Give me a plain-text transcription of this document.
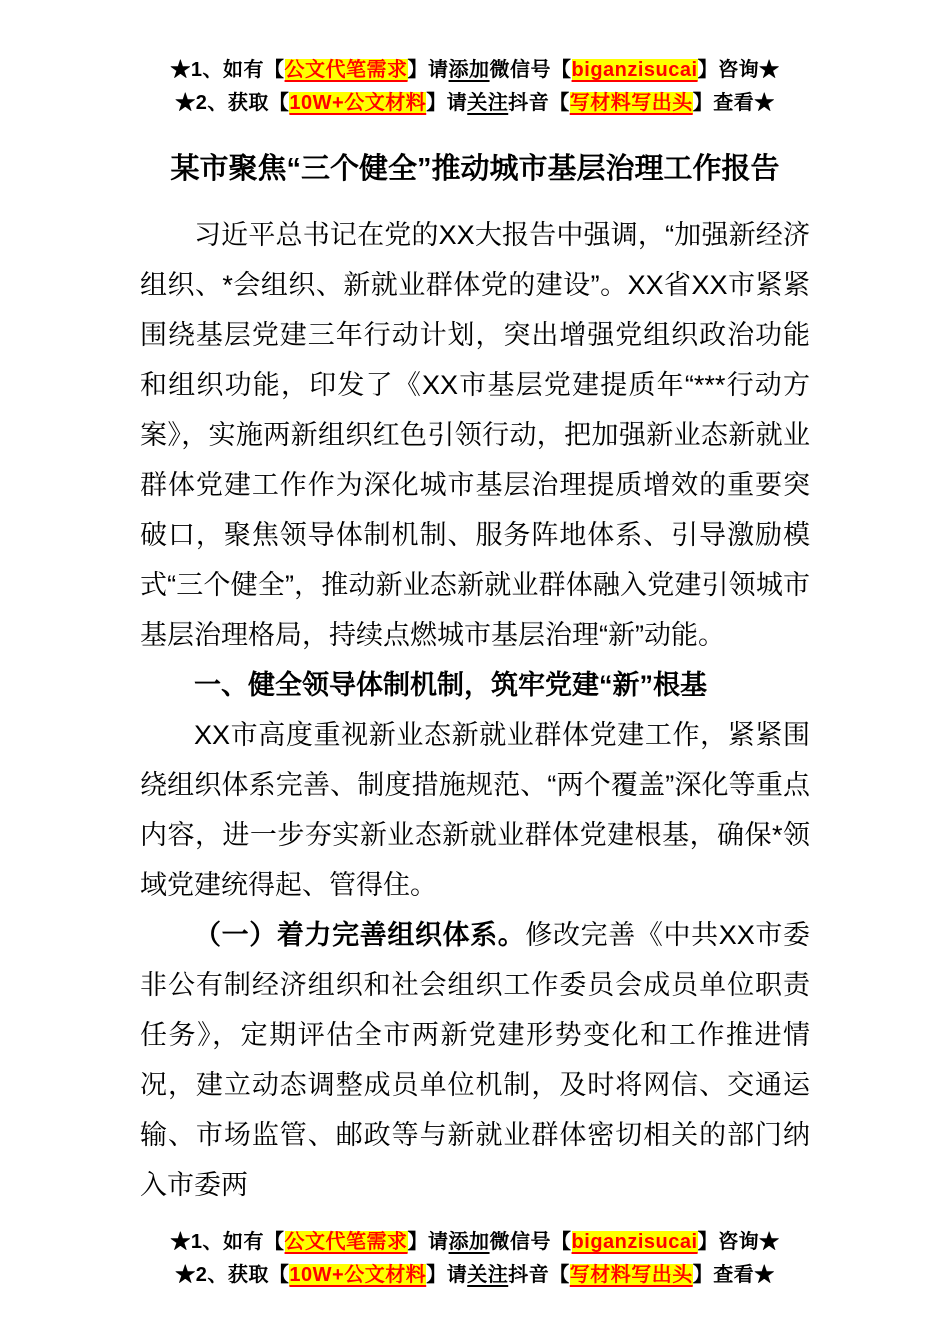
★1、如有【公文代笔需求】请添加微信号【biganzisucai】咨询★
★2、获取【10W+公文材料】请关注抖音【写材料写出头】查看★
某市聚焦“三个健全”推动城市基层治理工作报告

习近平总书记在党的XX大报告中强调，“加强新经济组织、*会组织、新就业群体党的建设”。XX省XX市紧紧围绕基层党建三年行动计划，突出增强党组织政治功能和组织功能，印发了《XX市基层党建提质年“***行动方案》，实施两新组织红色引领行动，把加强新业态新就业群体党建工作作为深化城市基层治理提质增效的重要突破口，聚焦领导体制机制、服务阵地体系、引导激励模式“三个健全”，推动新业态新就业群体融入党建引领城市基层治理格局，持续点燃城市基层治理“新”动能。

一、健全领导体制机制，筑牢党建“新”根基

XX市高度重视新业态新就业群体党建工作，紧紧围绕组织体系完善、制度措施规范、“两个覆盖”深化等重点内容，进一步夯实新业态新就业群体党建根基，确保*领域党建统得起、管得住。

（一）着力完善组织体系。修改完善《中共XX市委非公有制经济组织和社会组织工作委员会成员单位职责任务》，定期评估全市两新党建形势变化和工作推进情况，建立动态调整成员单位机制，及时将网信、交通运输、市场监管、邮政等与新就业群体密切相关的部门纳入市委两

★1、如有【公文代笔需求】请添加微信号【biganzisucai】咨询★
★2、获取【10W+公文材料】请关注抖音【写材料写出头】查看★
